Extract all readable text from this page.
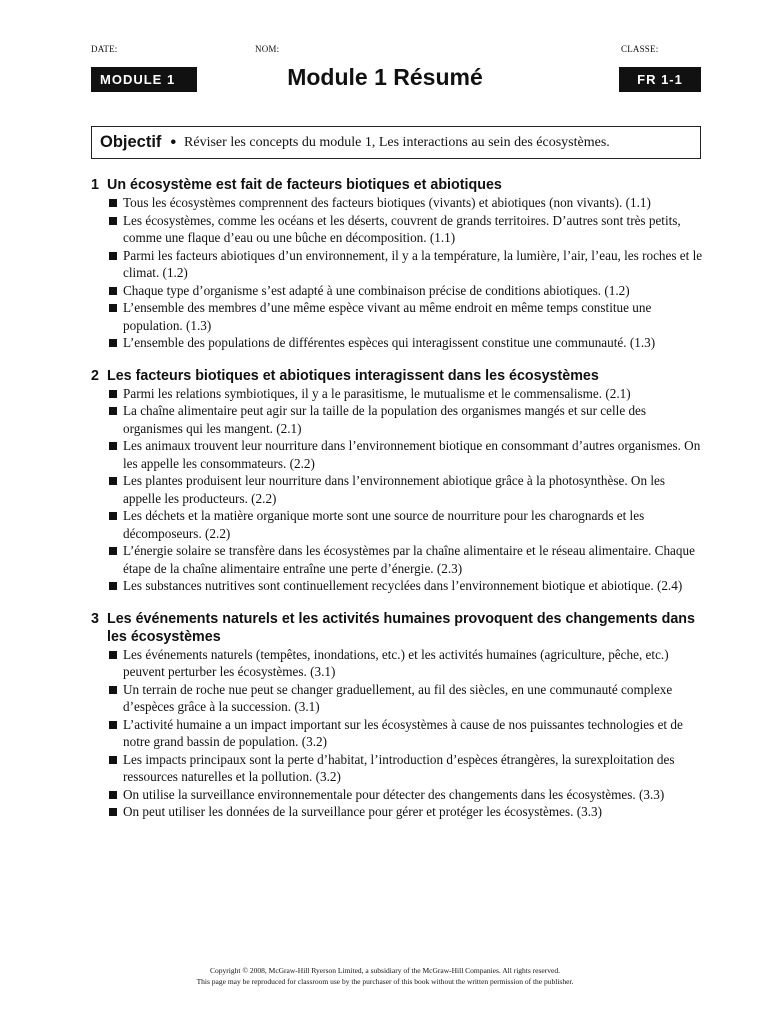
DATE:	NOM:	CLASSE:
MODULE 1	Module 1 Résumé	FR 1-1
Objectif • Réviser les concepts du module 1, Les interactions au sein des écosystèmes.
1 Un écosystème est fait de facteurs biotiques et abiotiques
Tous les écosystèmes comprennent des facteurs biotiques (vivants) et abiotiques (non vivants). (1.1)
Les écosystèmes, comme les océans et les déserts, couvrent de grands territoires. D’autres sont très petits, comme une flaque d’eau ou une bûche en décomposition. (1.1)
Parmi les facteurs abiotiques d’un environnement, il y a la température, la lumière, l’air, l’eau, les roches et le climat. (1.2)
Chaque type d’organisme s’est adapté à une combinaison précise de conditions abiotiques. (1.2)
L’ensemble des membres d’une même espèce vivant au même endroit en même temps constitue une population. (1.3)
L’ensemble des populations de différentes espèces qui interagissent constitue une communauté. (1.3)
2 Les facteurs biotiques et abiotiques interagissent dans les écosystèmes
Parmi les relations symbiotiques, il y a le parasitisme, le mutualisme et le commensalisme. (2.1)
La chaîne alimentaire peut agir sur la taille de la population des organismes mangés et sur celle des organismes qui les mangent. (2.1)
Les animaux trouvent leur nourriture dans l’environnement biotique en consommant d’autres organismes. On les appelle les consommateurs. (2.2)
Les plantes produisent leur nourriture dans l’environnement abiotique grâce à la photosynthèse. On les appelle les producteurs. (2.2)
Les déchets et la matière organique morte sont une source de nourriture pour les charognards et les décomposeurs. (2.2)
L’énergie solaire se transfère dans les écosystèmes par la chaîne alimentaire et le réseau alimentaire. Chaque étape de la chaîne alimentaire entraîne une perte d’énergie. (2.3)
Les substances nutritives sont continuellement recyclées dans l’environnement biotique et abiotique. (2.4)
3 Les événements naturels et les activités humaines provoquent des changements dans les écosystèmes
Les événements naturels (tempêtes, inondations, etc.) et les activités humaines (agriculture, pêche, etc.) peuvent perturber les écosystèmes. (3.1)
Un terrain de roche nue peut se changer graduellement, au fil des siècles, en une communauté complexe d’espèces grâce à la succession. (3.1)
L’activité humaine a un impact important sur les écosystèmes à cause de nos puissantes technologies et de notre grand bassin de population. (3.2)
Les impacts principaux sont la perte d’habitat, l’introduction d’espèces étrangères, la surexploitation des ressources naturelles et la pollution. (3.2)
On utilise la surveillance environnementale pour détecter des changements dans les écosystèmes. (3.3)
On peut utiliser les données de la surveillance pour gérer et protéger les écosystèmes. (3.3)
Copyright © 2008, McGraw-Hill Ryerson Limited, a subsidiary of the McGraw-Hill Companies. All rights reserved.
This page may be reproduced for classroom use by the purchaser of this book without the written permission of the publisher.
